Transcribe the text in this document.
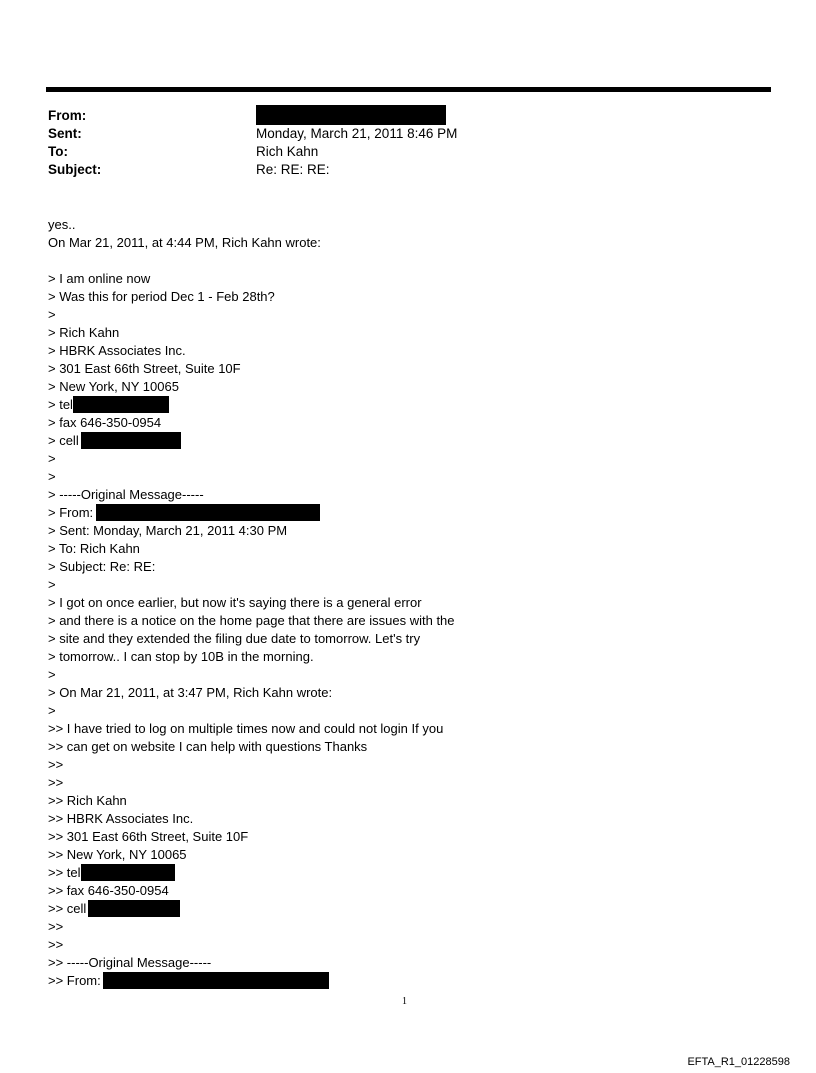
From:
Sent:	Monday, March 21, 2011 8:46 PM
To:	Rich Kahn
Subject:	Re: RE: RE:
yes..
On Mar 21, 2011, at 4:44 PM, Rich Kahn wrote:
> I am online now
> Was this for period Dec 1 - Feb 28th?
>
> Rich Kahn
> HBRK Associates Inc.
> 301 East 66th Street, Suite 10F
> New York, NY 10065
> tel
> fax 646-350-0954
> cell
>
>
> -----Original Message-----
> From:
> Sent: Monday, March 21, 2011 4:30 PM
> To: Rich Kahn
> Subject: Re: RE:
>
> I got on once earlier, but now it's saying there is a general error
> and there is a notice on the home page that there are issues with the
> site and they extended the filing due date to tomorrow. Let's try
> tomorrow.. I can stop by 10B in the morning.
>
> On Mar 21, 2011, at 3:47 PM, Rich Kahn wrote:
>
>> I have tried to log on multiple times now and could not login If you
>> can get on website I can help with questions Thanks
>>
>>
>> Rich Kahn
>> HBRK Associates Inc.
>> 301 East 66th Street, Suite 10F
>> New York, NY 10065
>> tel
>> fax 646-350-0954
>> cell
>>
>>
>> -----Original Message-----
>> From:
1
EFTA_R1_01228598
